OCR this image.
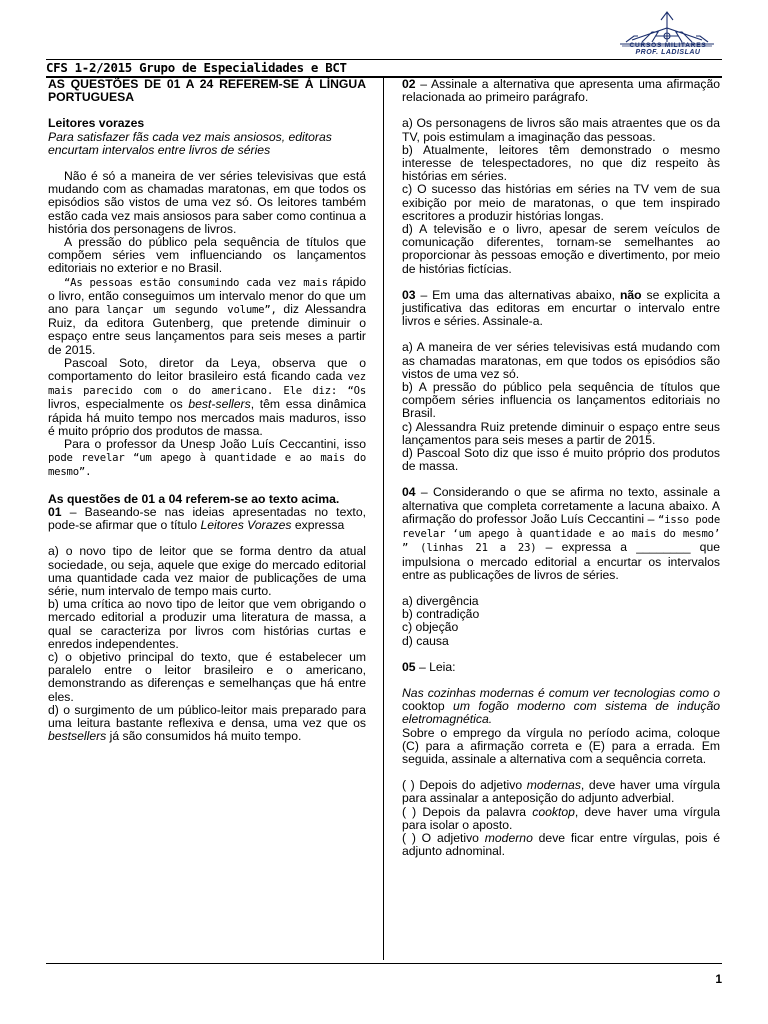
CURSOS MILITARES
PROF. LADISLAU
CFS 1-2/2015 Grupo de Especialidades e BCT

AS QUESTÕES DE 01 A 24 REFEREM-SE À LÍNGUA PORTUGUESA

Leitores vorazes

Para satisfazer fãs cada vez mais ansiosos, editoras encurtam intervalos entre livros de séries

Não é só a maneira de ver séries televisivas que está mudando com as chamadas maratonas, em que todos os episódios são vistos de uma vez só. Os leitores também estão cada vez mais ansiosos para saber como continua a história dos personagens de livros.

A pressão do público pela sequência de títulos que compõem séries vem influenciando os lançamentos editoriais no exterior e no Brasil.

“As pessoas estão consumindo cada vez mais rápido o livro, então conseguimos um intervalo menor do que um ano para lançar um segundo volume”, diz Alessandra Ruiz, da editora Gutenberg, que pretende diminuir o espaço entre seus lançamentos para seis meses a partir de 2015.

Pascoal Soto, diretor da Leya, observa que o comportamento do leitor brasileiro está ficando cada vez mais parecido com o do americano. Ele diz: “Os livros, especialmente os best-sellers, têm essa dinâmica rápida há muito tempo nos mercados mais maduros, isso é muito próprio dos produtos de massa.

Para o professor da Unesp João Luís Ceccantini, isso pode revelar “um apego à quantidade e ao mais do mesmo”.

As questões de 01 a 04 referem-se ao texto acima.

01 – Baseando-se nas ideias apresentadas no texto, pode-se afirmar que o título Leitores Vorazes expressa

a) o novo tipo de leitor que se forma dentro da atual sociedade, ou seja, aquele que exige do mercado editorial uma quantidade cada vez maior de publicações de uma série, num intervalo de tempo mais curto.

b) uma crítica ao novo tipo de leitor que vem obrigando o mercado editorial a produzir uma literatura de massa, a qual se caracteriza por livros com histórias curtas e enredos independentes.

c) o objetivo principal do texto, que é estabelecer um paralelo entre o leitor brasileiro e o americano, demonstrando as diferenças e semelhanças que há entre eles.

d) o surgimento de um público-leitor mais preparado para uma leitura bastante reflexiva e densa, uma vez que os bestsellers já são consumidos há muito tempo.

02 – Assinale a alternativa que apresenta uma afirmação relacionada ao primeiro parágrafo.

a) Os personagens de livros são mais atraentes que os da TV, pois estimulam a imaginação das pessoas.

b) Atualmente, leitores têm demonstrado o mesmo interesse de telespectadores, no que diz respeito às histórias em séries.

c) O sucesso das histórias em séries na TV vem de sua exibição por meio de maratonas, o que tem inspirado escritores a produzir histórias longas.

d) A televisão e o livro, apesar de serem veículos de comunicação diferentes, tornam-se semelhantes ao proporcionar às pessoas emoção e divertimento, por meio de histórias fictícias.

03 – Em uma das alternativas abaixo, não se explicita a justificativa das editoras em encurtar o intervalo entre livros e séries. Assinale-a.

a) A maneira de ver séries televisivas está mudando com as chamadas maratonas, em que todos os episódios são vistos de uma vez só.

b) A pressão do público pela sequência de títulos que compõem séries influencia os lançamentos editoriais no Brasil.

c) Alessandra Ruiz pretende diminuir o espaço entre seus lançamentos para seis meses a partir de 2015.

d) Pascoal Soto diz que isso é muito próprio dos produtos de massa.

04 – Considerando o que se afirma no texto, assinale a alternativa que completa corretamente a lacuna abaixo. A afirmação do professor João Luís Ceccantini – “isso pode revelar ‘um apego à quantidade e ao mais do mesmo’ ” (linhas 21 a 23) – expressa a ________ que impulsiona o mercado editorial a encurtar os intervalos entre as publicações de livros de séries.

a) divergência

b) contradição

c) objeção

d) causa

05 – Leia:

Nas cozinhas modernas é comum ver tecnologias como o cooktop um fogão moderno com sistema de indução eletromagnética.

Sobre o emprego da vírgula no período acima, coloque (C) para a afirmação correta e (E) para a errada. Em seguida, assinale a alternativa com a sequência correta.

( ) Depois do adjetivo modernas, deve haver uma vírgula para assinalar a anteposição do adjunto adverbial.

( ) Depois da palavra cooktop, deve haver uma vírgula para isolar o aposto.

( ) O adjetivo moderno deve ficar entre vírgulas, pois é adjunto adnominal.

1
